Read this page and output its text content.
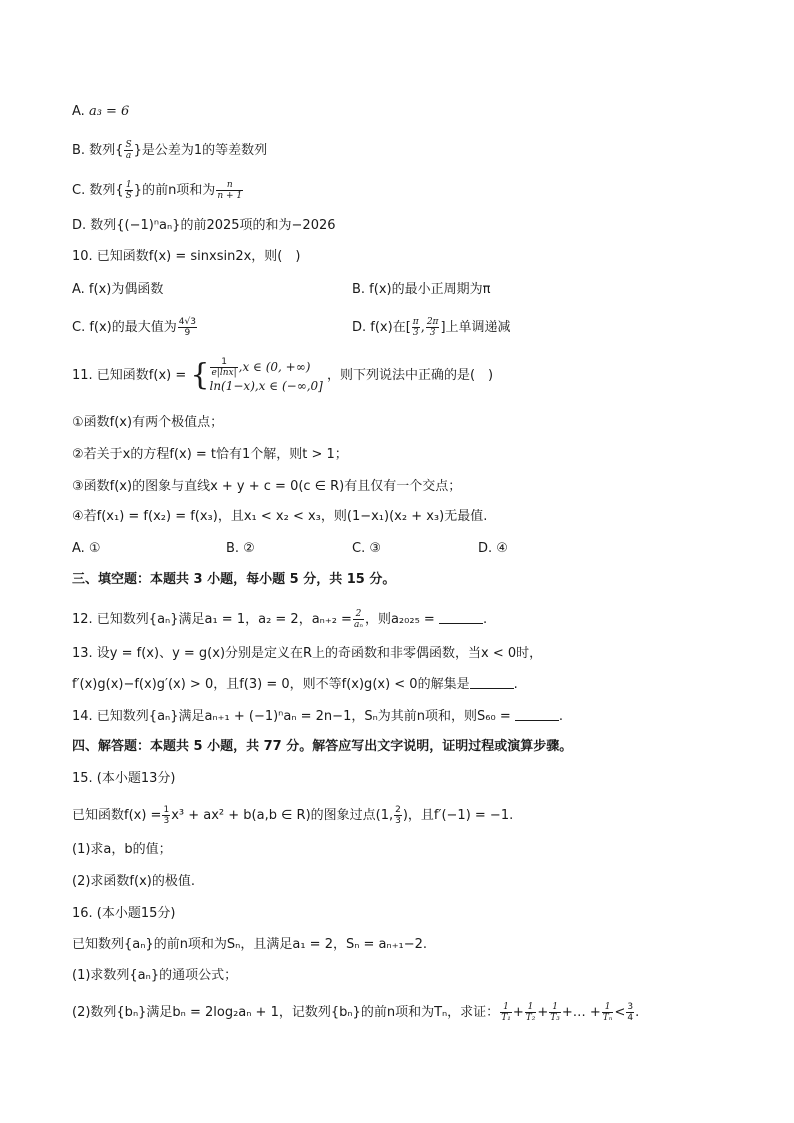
A. a₃ = 6
B. 数列{ $\frac{S}{a}$ }是公差为1的等差数列
C. 数列{ $\frac{1}{S}$ }的前n项和为 $\frac{n}{n + 1}$
D. 数列{(−1)ⁿaₙ}的前2025项的和为−2026
10. 已知函数f(x) = sinxsin2x，则(　)
A. f(x)为偶函数	B. f(x)的最小正周期为π
C. f(x)的最大值为 $\frac{4√3}{9}$	D. f(x)在[ $\frac{\pi}{3}$ , $\frac{2\pi}{3}$ ]上单调递减
11. 已知函数f(x) = { $\frac{1}{e|\ln x|} ,x$ ∈ (0, +∞)
ln(1−x),x ∈ (−∞,0]
，则下列说法中正确的是(　)
①函数f(x)有两个极值点；
②若关于x的方程f(x) = t恰有1个解，则t > 1；
③函数f(x)的图象与直线x + y + c = 0(c ∈ R)有且仅有一个交点；
④若f(x₁) = f(x₂) = f(x₃)，且x₁ < x₂ < x₃，则(1−x₁)(x₂ + x₃)无最值.
A. ①	B. ②	C. ③	D. ④
三、填空题：本题共 3 小题，每小题 5 分，共 15 分。
12. 已知数列{aₙ}满足a₁ = 1，a₂ = 2，$a_{n+2} = \frac{2}{\text{aₙ}}$ ，则a₂₀₂₅ =	.
13. 设y = f(x)、y = g(x)分别是定义在R上的奇函数和非零偶函数，当x < 0时，
f′(x)g(x)−f(x)g′(x) > 0，且f(3) = 0，则不等f(x)g(x) < 0的解集是	.
14. 已知数列{aₙ}满足aₙ₊₁ + (−1)ⁿaₙ = 2n−1，Sₙ为其前n项和，则S₆₀ =	.
四、解答题：本题共 5 小题，共 77 分。解答应写出文字说明，证明过程或演算步骤。
15. (本小题13分)
已知函数$f(x) = \frac{1}{3} x^3 + ax^2 + b(a,b$ ∈ R)的图象过点(1, $\frac{2}{3}$ )，且f′(−1) = −1.
(1)求a，b的值；
(2)求函数f(x)的极值.
16. (本小题15分)
已知数列{aₙ}的前n项和为Sₙ，且满足a₁ = 2，Sₙ = aₙ₊₁−2.
(1)求数列{aₙ}的通项公式；
(2)数列{bₙ}满足bₙ = 2log₂aₙ + 1，记数列{bₙ}的前n项和为Tₙ，求证： $\frac{1}{\text{T₁}} + \frac{1}{\text{T₂}} + \frac{1}{\text{T₃}}$ +… + $\frac{1}{\text{Tₙ}} < \frac{3}{4}$ .
